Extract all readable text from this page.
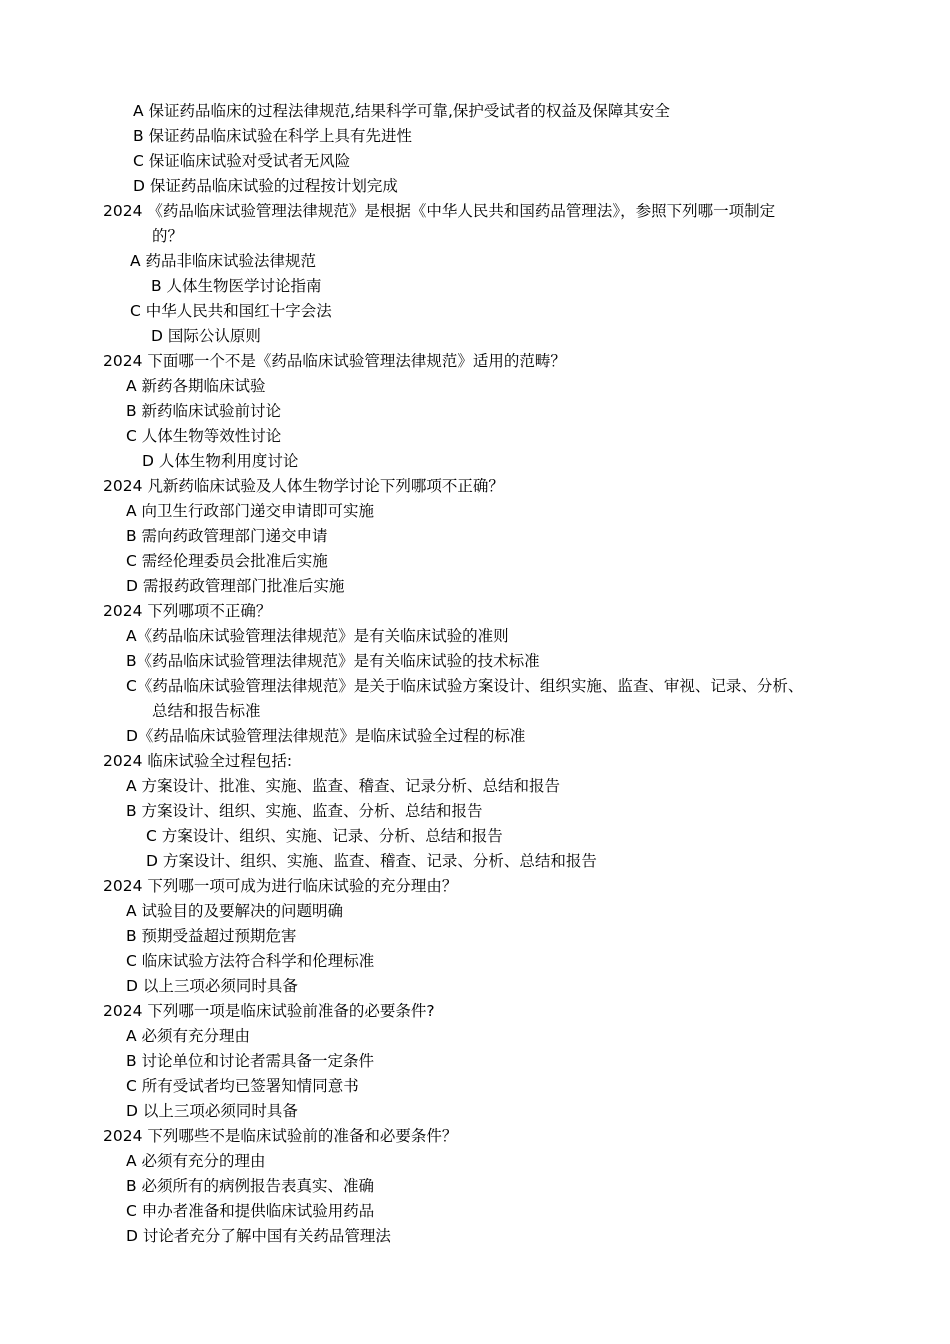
A 保证药品临床的过程法律规范,结果科学可靠,保护受试者的权益及保障其安全
B 保证药品临床试验在科学上具有先进性
C 保证临床试验对受试者无风险
D 保证药品临床试验的过程按计划完成
2024 《药品临床试验管理法律规范》是根据《中华人民共和国药品管理法》，参照下列哪一项制定
的？
A 药品非临床试验法律规范
B 人体生物医学讨论指南
C 中华人民共和国红十字会法
D 国际公认原则
2024 下面哪一个不是《药品临床试验管理法律规范》适用的范畴？
A 新药各期临床试验
B 新药临床试验前讨论
C 人体生物等效性讨论
D 人体生物利用度讨论
2024 凡新药临床试验及人体生物学讨论下列哪项不正确？
A 向卫生行政部门递交申请即可实施
B 需向药政管理部门递交申请
C 需经伦理委员会批准后实施
D 需报药政管理部门批准后实施
2024 下列哪项不正确？
A《药品临床试验管理法律规范》是有关临床试验的准则
B《药品临床试验管理法律规范》是有关临床试验的技术标准
C《药品临床试验管理法律规范》是关于临床试验方案设计、组织实施、监查、审视、记录、分析、
总结和报告标准
D《药品临床试验管理法律规范》是临床试验全过程的标准
2024 临床试验全过程包括:
A 方案设计、批准、实施、监查、稽查、记录分析、总结和报告
B 方案设计、组织、实施、监查、分析、总结和报告
C 方案设计、组织、实施、记录、分析、总结和报告
D 方案设计、组织、实施、监查、稽查、记录、分析、总结和报告
2024 下列哪一项可成为进行临床试验的充分理由？
A 试验目的及要解决的问题明确
B 预期受益超过预期危害
C 临床试验方法符合科学和伦理标准
D 以上三项必须同时具备
2024 下列哪一项是临床试验前准备的必要条件?
A 必须有充分理由
B 讨论单位和讨论者需具备一定条件
C 所有受试者均已签署知情同意书
D 以上三项必须同时具备
2024 下列哪些不是临床试验前的准备和必要条件？
A 必须有充分的理由
B 必须所有的病例报告表真实、准确
C 申办者准备和提供临床试验用药品
D 讨论者充分了解中国有关药品管理法
